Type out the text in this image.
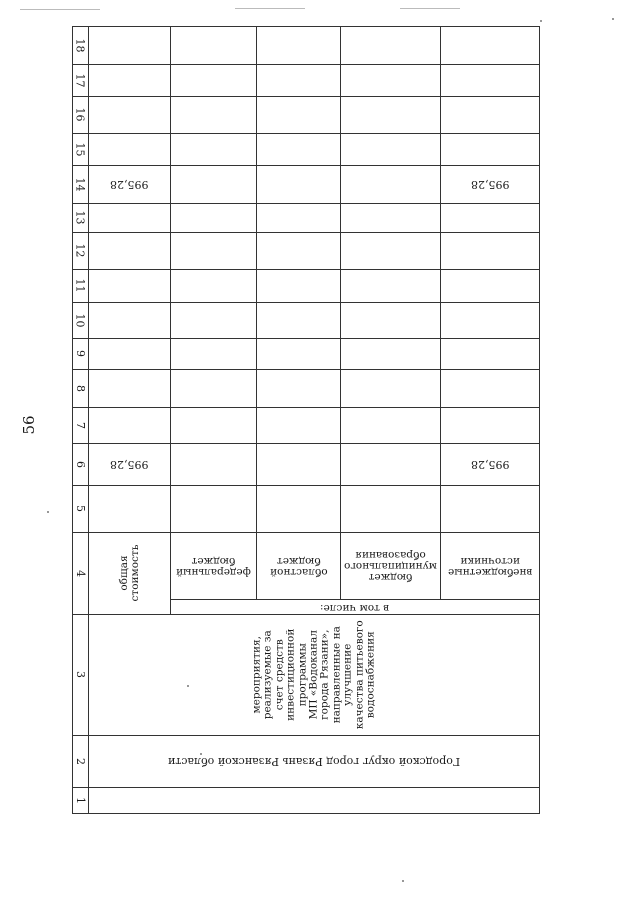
56
18
17
16
15
14
13
12
11
10
9
8
7
6
5
4
3
2
1
Городской округ город Рязань Рязанской области
мероприятия,
реализуемые за
счет средств
инвестиционной
программы
МП «Водоканал
города Рязани»,
направленные на
улучшение
качества питьевого
водоснабжения
общая
стоимость
в том числе:
федеральный
бюджет
областной
бюджет
бюджет
муниципального
образования
внебюджетные
источники
995,28
995,28
995,28
995,28
